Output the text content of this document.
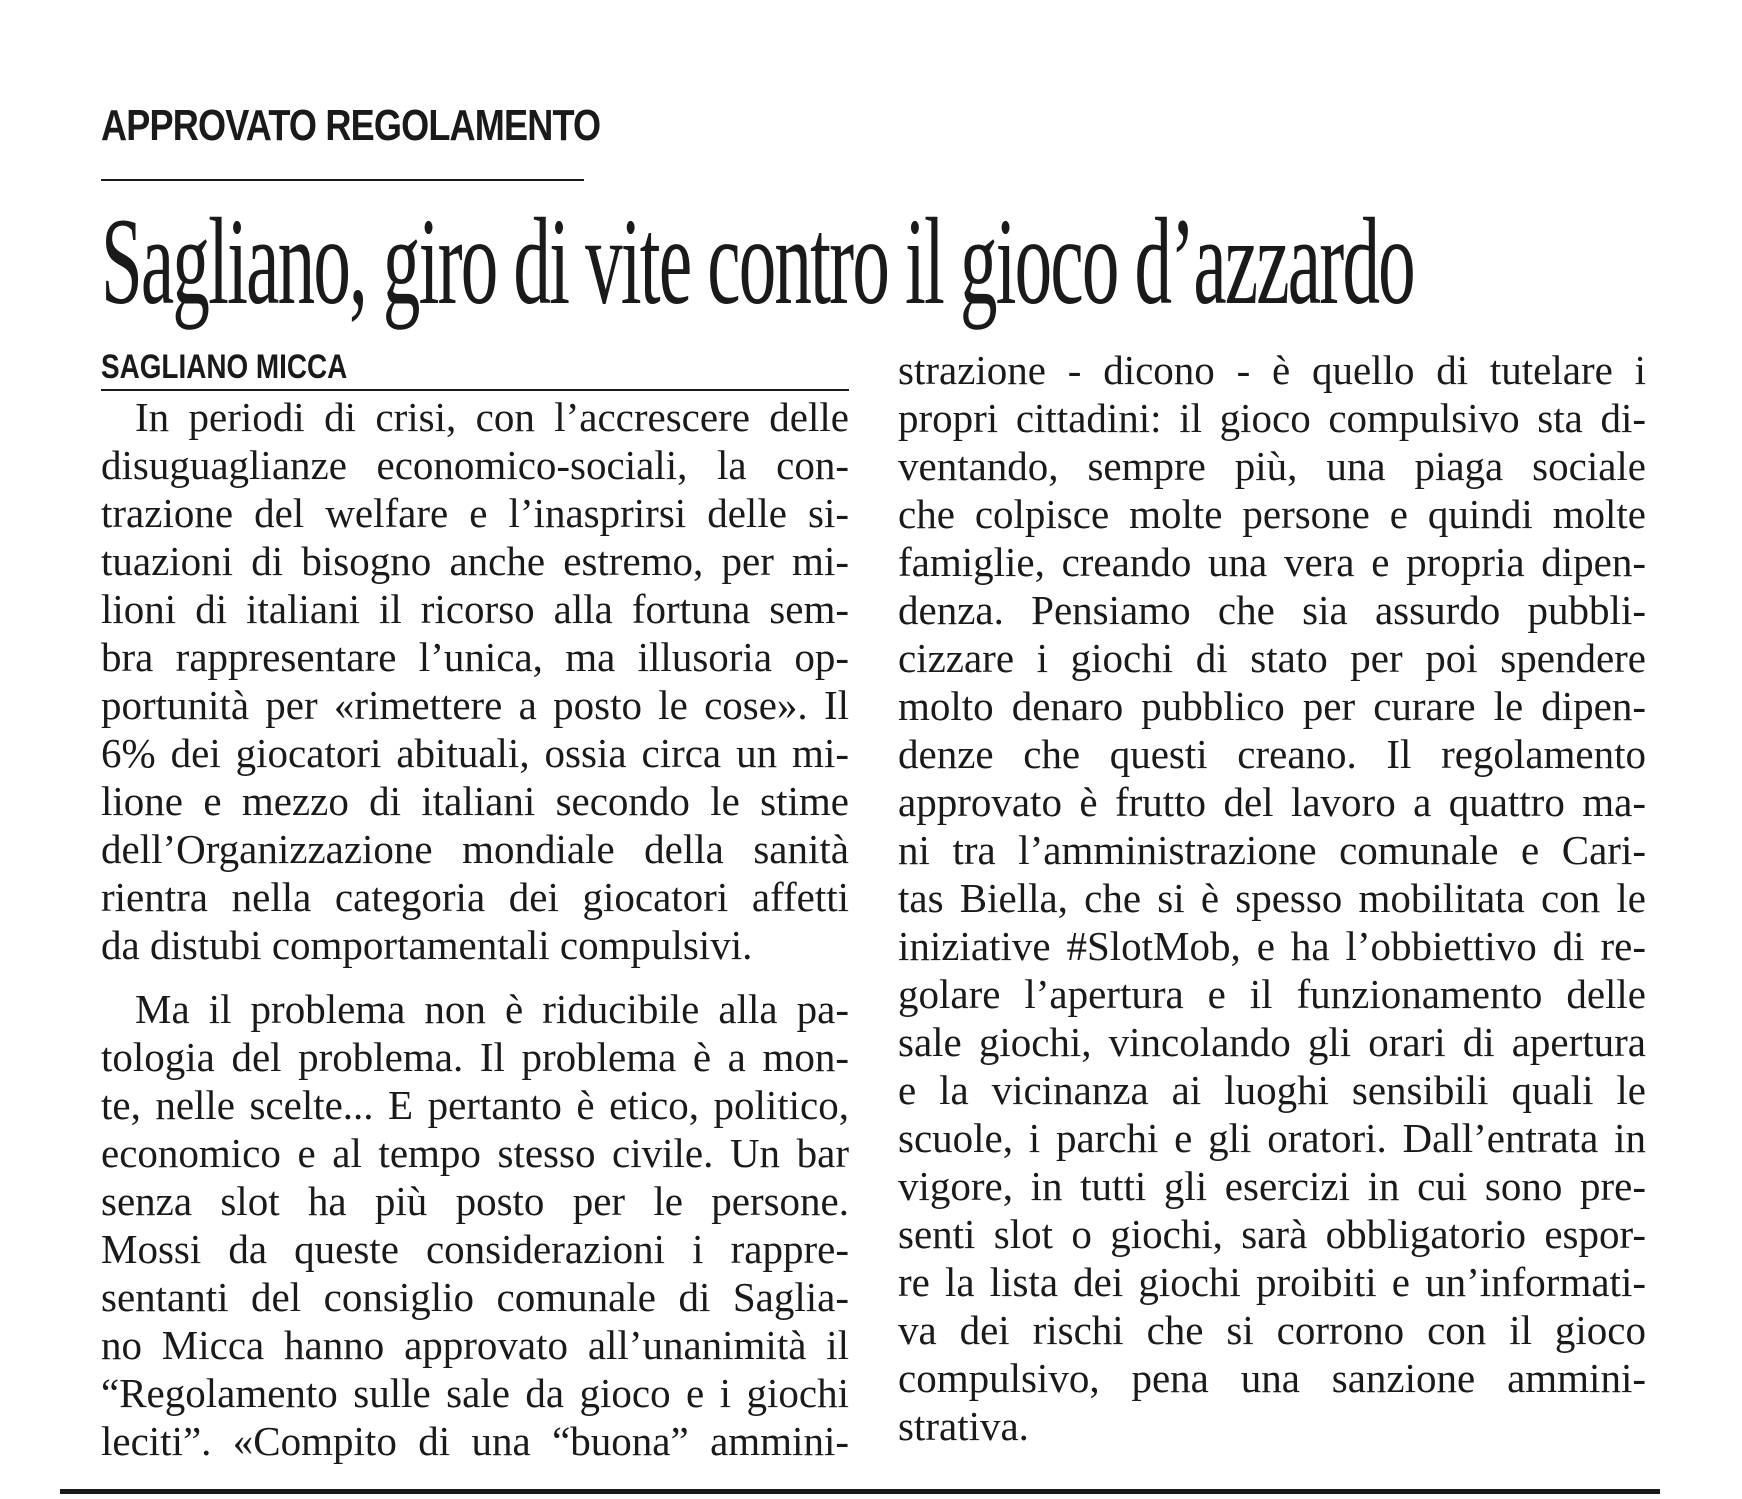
APPROVATO REGOLAMENTO
Sagliano, giro di vite contro il gioco d’azzardo
SAGLIANO MICCA
In periodi di crisi, con l’accrescere delle
disuguaglianze economico-sociali, la con-
trazione del welfare e l’inasprirsi delle si-
tuazioni di bisogno anche estremo, per mi-
lioni di italiani il ricorso alla fortuna sem-
bra rappresentare l’unica, ma illusoria op-
portunità per «rimettere a posto le cose». Il
6% dei giocatori abituali, ossia circa un mi-
lione e mezzo di italiani secondo le stime
dell’Organizzazione mondiale della sanità
rientra nella categoria dei giocatori affetti
da distubi comportamentali compulsivi.
Ma il problema non è riducibile alla pa-
tologia del problema. Il problema è a mon-
te, nelle scelte... E pertanto è etico, politico,
economico e al tempo stesso civile. Un bar
senza slot ha più posto per le persone.
Mossi da queste considerazioni i rappre-
sentanti del consiglio comunale di Saglia-
no Micca hanno approvato all’unanimità il
“Regolamento sulle sale da gioco e i giochi
leciti”. «Compito di una “buona” ammini-
strazione - dicono - è quello di tutelare i
propri cittadini: il gioco compulsivo sta di-
ventando, sempre più, una piaga sociale
che colpisce molte persone e quindi molte
famiglie, creando una vera e propria dipen-
denza. Pensiamo che sia assurdo pubbli-
cizzare i giochi di stato per poi spendere
molto denaro pubblico per curare le dipen-
denze che questi creano. Il regolamento
approvato è frutto del lavoro a quattro ma-
ni tra l’amministrazione comunale e Cari-
tas Biella, che si è spesso mobilitata con le
iniziative #SlotMob, e ha l’obbiettivo di re-
golare l’apertura e il funzionamento delle
sale giochi, vincolando gli orari di apertura
e la vicinanza ai luoghi sensibili quali le
scuole, i parchi e gli oratori. Dall’entrata in
vigore, in tutti gli esercizi in cui sono pre-
senti slot o giochi, sarà obbligatorio espor-
re la lista dei giochi proibiti e un’informati-
va dei rischi che si corrono con il gioco
compulsivo, pena una sanzione ammini-
strativa.
